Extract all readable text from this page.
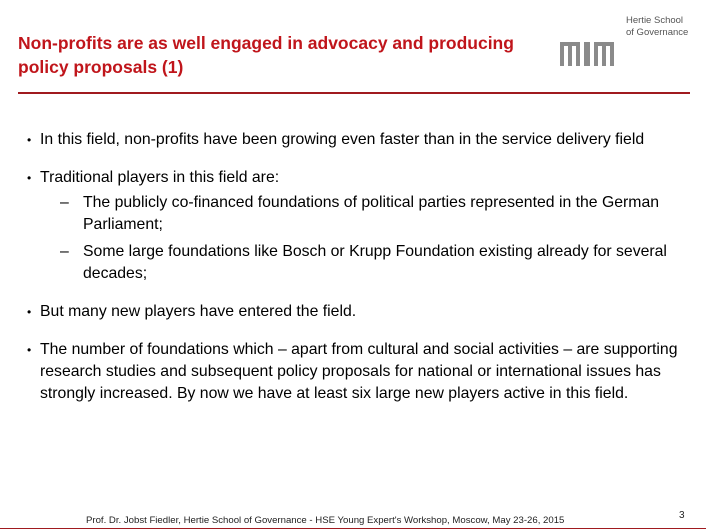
Non-profits are as well engaged in advocacy and producing policy proposals (1)
Hertie School
of Governance
• In this field, non-profits have been growing even faster than in the service delivery field
• Traditional players in this field are:
– The publicly co-financed foundations of political parties represented in the German Parliament;
– Some large foundations like Bosch or Krupp Foundation existing already for several decades;
• But many new players have entered the field.
• The number of foundations which – apart from cultural and social activities – are supporting research studies and subsequent policy proposals for national or international issues has strongly increased. By now we have at least six large new players active in this field.
Prof. Dr. Jobst Fiedler, Hertie School of Governance - HSE Young Expert's Workshop, Moscow, May 23-26, 2015	3
